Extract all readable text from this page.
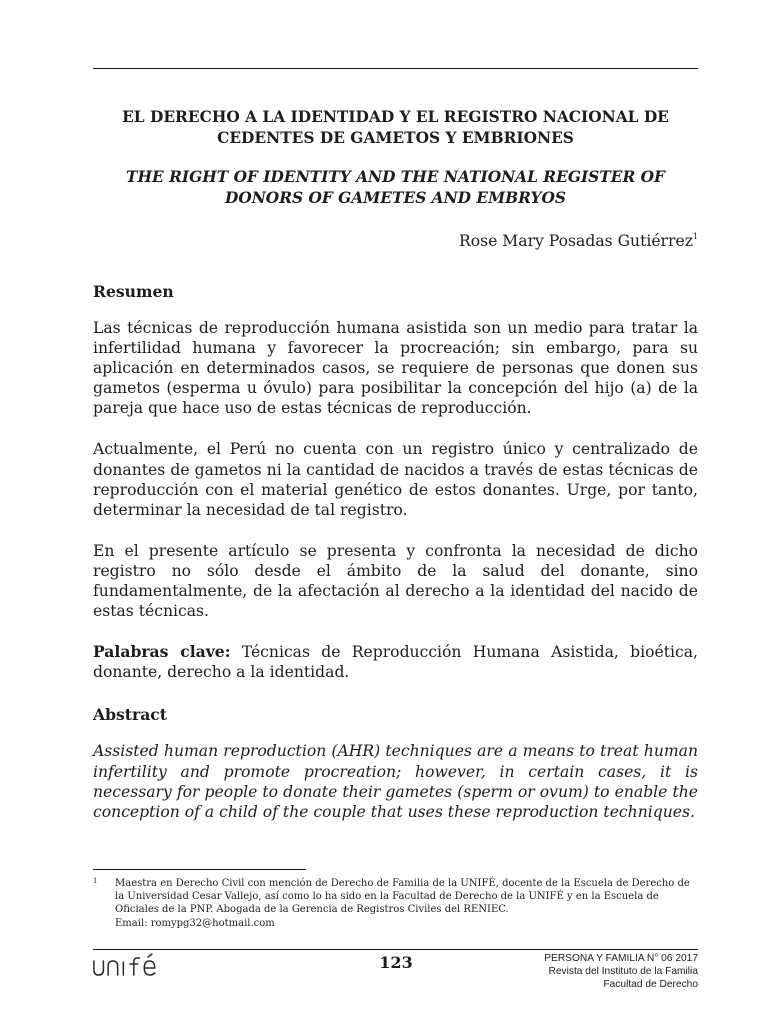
EL DERECHO A LA IDENTIDAD Y EL REGISTRO NACIONAL DE CEDENTES DE GAMETOS Y EMBRIONES
THE RIGHT OF IDENTITY AND THE NATIONAL REGISTER OF DONORS OF GAMETES AND EMBRYOS

Rose Mary Posadas Gutiérrez$^1$

Resumen

Las técnicas de reproducción humana asistida son un medio para tratar la infertilidad humana y favorecer la procreación; sin embargo, para su aplicación en determinados casos, se requiere de personas que donen sus gametos (esperma u óvulo) para posibilitar la concepción del hijo (a) de la pareja que hace uso de estas técnicas de reproducción.

Actualmente, el Perú no cuenta con un registro único y centralizado de donantes de gametos ni la cantidad de nacidos a través de estas técnicas de reproducción con el material genético de estos donantes. Urge, por tanto, determinar la necesidad de tal registro.

En el presente artículo se presenta y confronta la necesidad de dicho registro no sólo desde el ámbito de la salud del donante, sino fundamentalmente, de la afectación al derecho a la identidad del nacido de estas técnicas.

Palabras clave: Técnicas de Reproducción Humana Asistida, bioética, donante, derecho a la identidad.

Abstract

Assisted human reproduction (AHR) techniques are a means to treat human infertility and promote procreation; however, in certain cases, it is necessary for people to donate their gametes (sperm or ovum) to enable the conception of a child of the couple that uses these reproduction techniques.

1 Maestra en Derecho Civil con mención de Derecho de Familia de la UNIFÉ, docente de la Escuela de Derecho de la Universidad Cesar Vallejo, así como lo ha sido en la Facultad de Derecho de la UNIFÉ y en la Escuela de Oficiales de la PNP. Abogada de la Gerencia de Registros Civiles del RENIEC.
Email: romypg32@hotmail.com
123	PERSONA Y FAMILIA N° 06 2017
Revista del Instituto de la Familia
Facultad de Derecho
